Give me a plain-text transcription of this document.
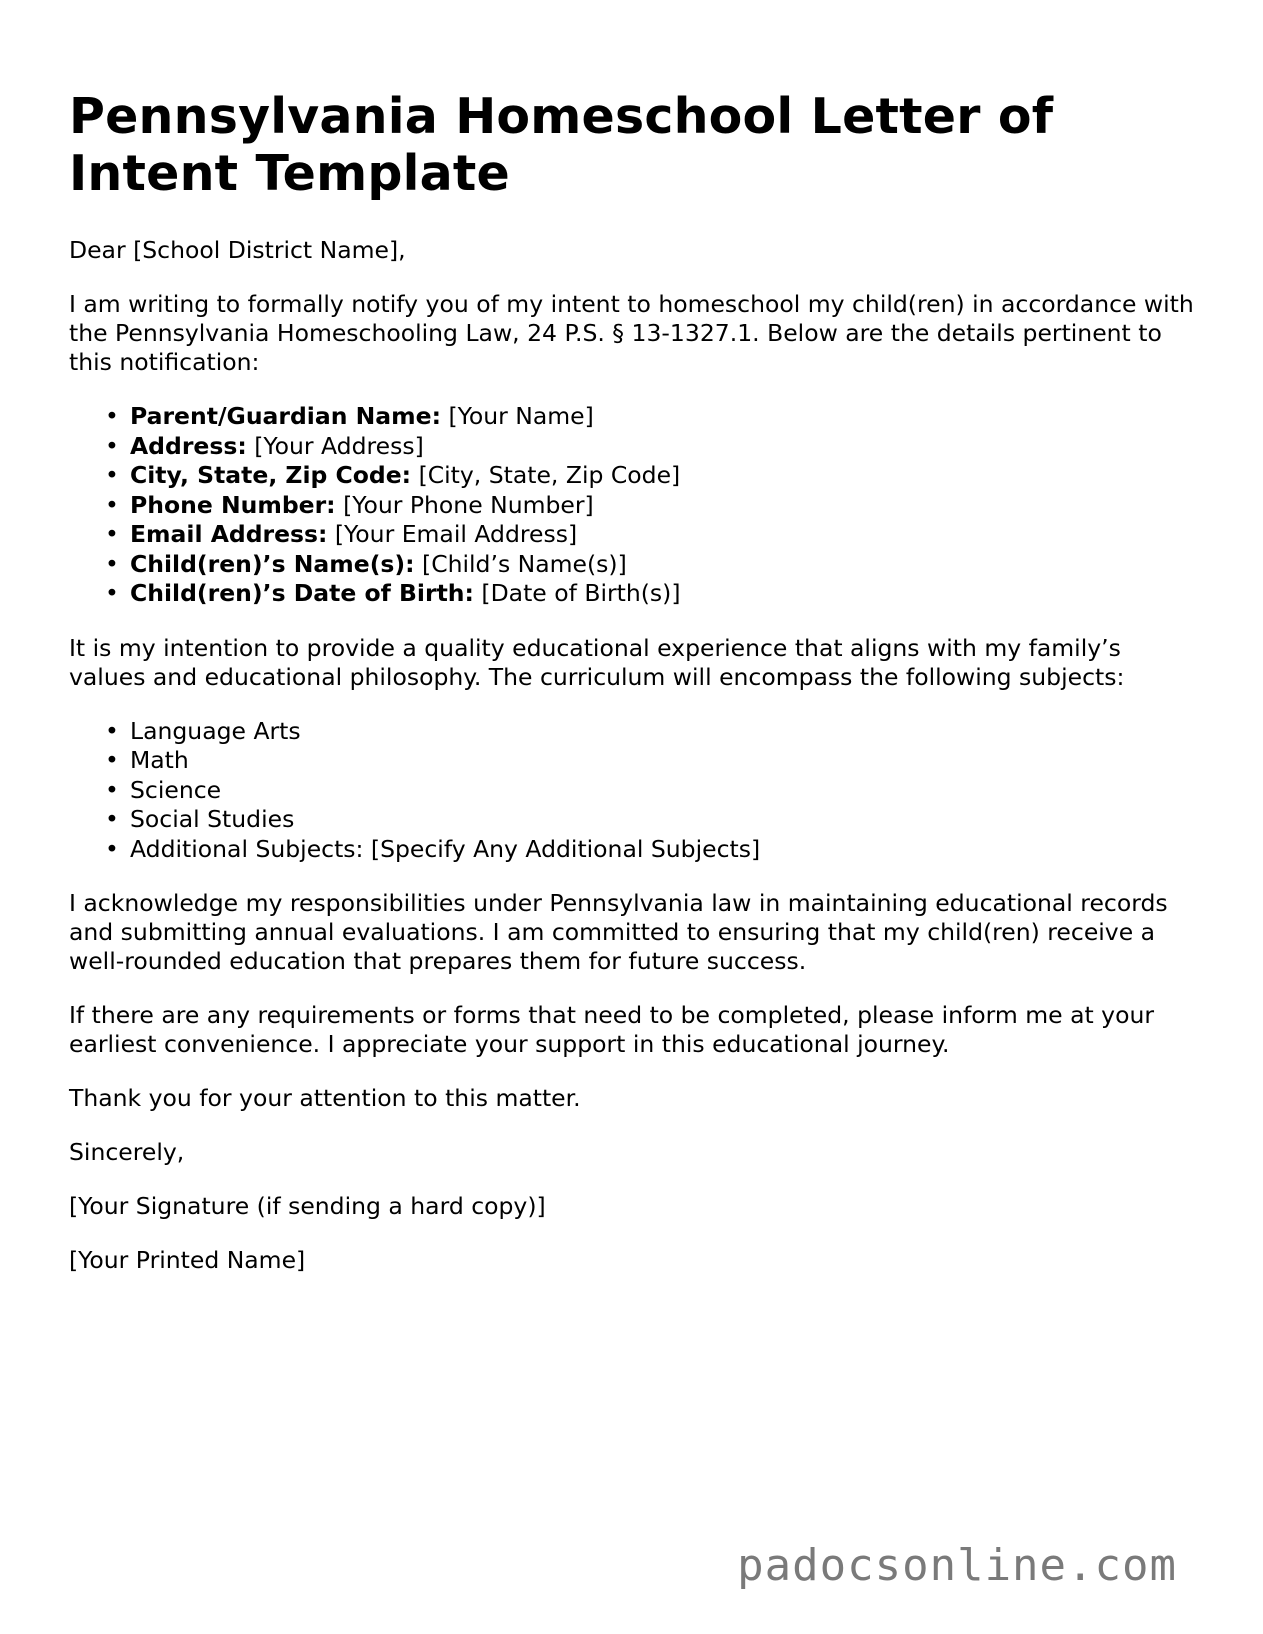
Pennsylvania Homeschool Letter of Intent Template

Dear [School District Name],

I am writing to formally notify you of my intent to homeschool my child(ren) in accordance with the Pennsylvania Homeschooling Law, 24 P.S. § 13-1327.1. Below are the details pertinent to this notification:

• Parent/Guardian Name: [Your Name]
• Address: [Your Address]
• City, State, Zip Code: [City, State, Zip Code]
• Phone Number: [Your Phone Number]
• Email Address: [Your Email Address]
• Child(ren)’s Name(s): [Child’s Name(s)]
• Child(ren)’s Date of Birth: [Date of Birth(s)]

It is my intention to provide a quality educational experience that aligns with my family’s values and educational philosophy. The curriculum will encompass the following subjects:

• Language Arts
• Math
• Science
• Social Studies
• Additional Subjects: [Specify Any Additional Subjects]

I acknowledge my responsibilities under Pennsylvania law in maintaining educational records and submitting annual evaluations. I am committed to ensuring that my child(ren) receive a well-rounded education that prepares them for future success.

If there are any requirements or forms that need to be completed, please inform me at your earliest convenience. I appreciate your support in this educational journey.

Thank you for your attention to this matter.

Sincerely,

[Your Signature (if sending a hard copy)]

[Your Printed Name]

padocsonline.com
